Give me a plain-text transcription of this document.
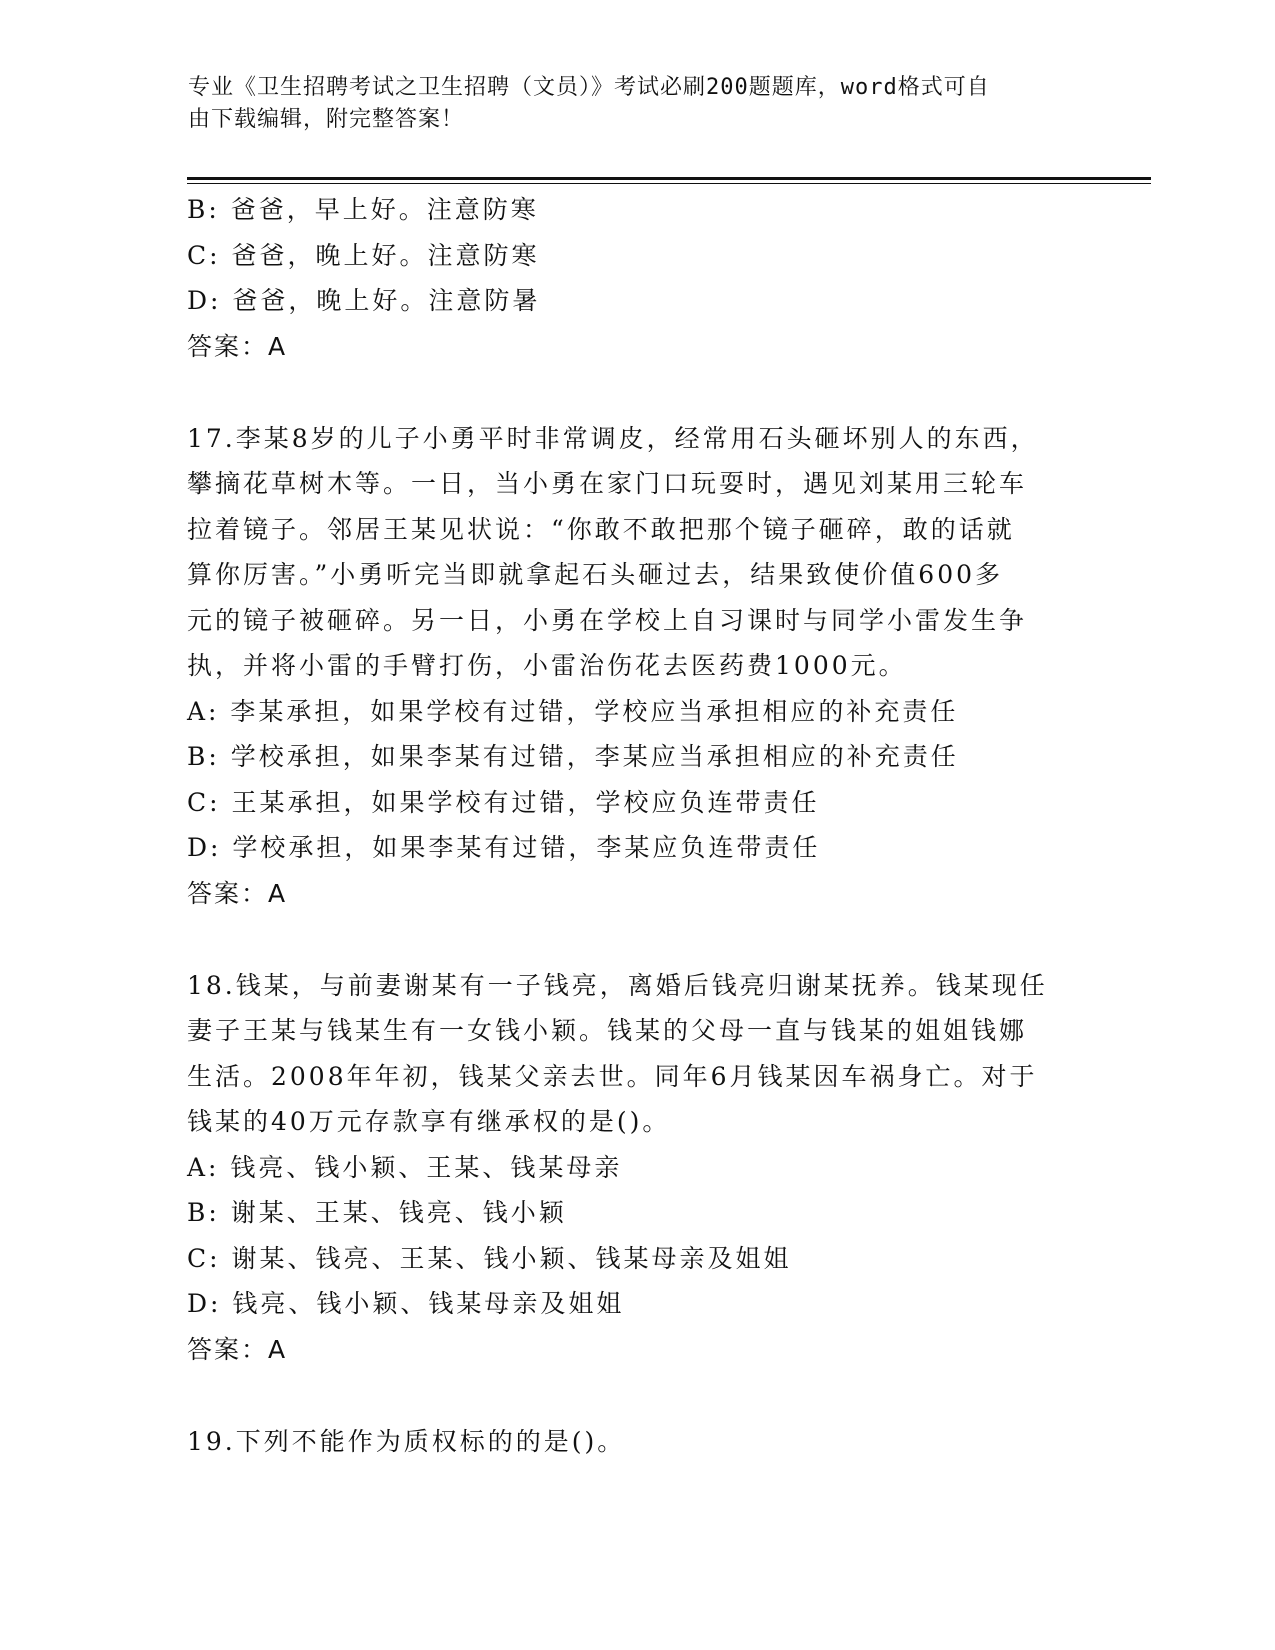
专业《卫生招聘考试之卫生招聘（文员）》考试必刷200题题库，word格式可自
由下载编辑，附完整答案！
B: 爸爸，早上好。注意防寒
C: 爸爸，晚上好。注意防寒
D: 爸爸，晚上好。注意防暑
答案：A
17.李某8岁的儿子小勇平时非常调皮，经常用石头砸坏别人的东西，
攀摘花草树木等。一日，当小勇在家门口玩耍时，遇见刘某用三轮车
拉着镜子。邻居王某见状说：“你敢不敢把那个镜子砸碎，敢的话就
算你厉害。”小勇听完当即就拿起石头砸过去，结果致使价值600多
元的镜子被砸碎。另一日，小勇在学校上自习课时与同学小雷发生争
执，并将小雷的手臂打伤，小雷治伤花去医药费1000元。
A: 李某承担，如果学校有过错，学校应当承担相应的补充责任
B: 学校承担，如果李某有过错，李某应当承担相应的补充责任
C: 王某承担，如果学校有过错，学校应负连带责任
D: 学校承担，如果李某有过错，李某应负连带责任
答案：A
18.钱某，与前妻谢某有一子钱亮，离婚后钱亮归谢某抚养。钱某现任
妻子王某与钱某生有一女钱小颖。钱某的父母一直与钱某的姐姐钱娜
生活。2008年年初，钱某父亲去世。同年6月钱某因车祸身亡。对于
钱某的40万元存款享有继承权的是()。
A: 钱亮、钱小颖、王某、钱某母亲
B: 谢某、王某、钱亮、钱小颖
C: 谢某、钱亮、王某、钱小颖、钱某母亲及姐姐
D: 钱亮、钱小颖、钱某母亲及姐姐
答案：A
19.下列不能作为质权标的的是()。
